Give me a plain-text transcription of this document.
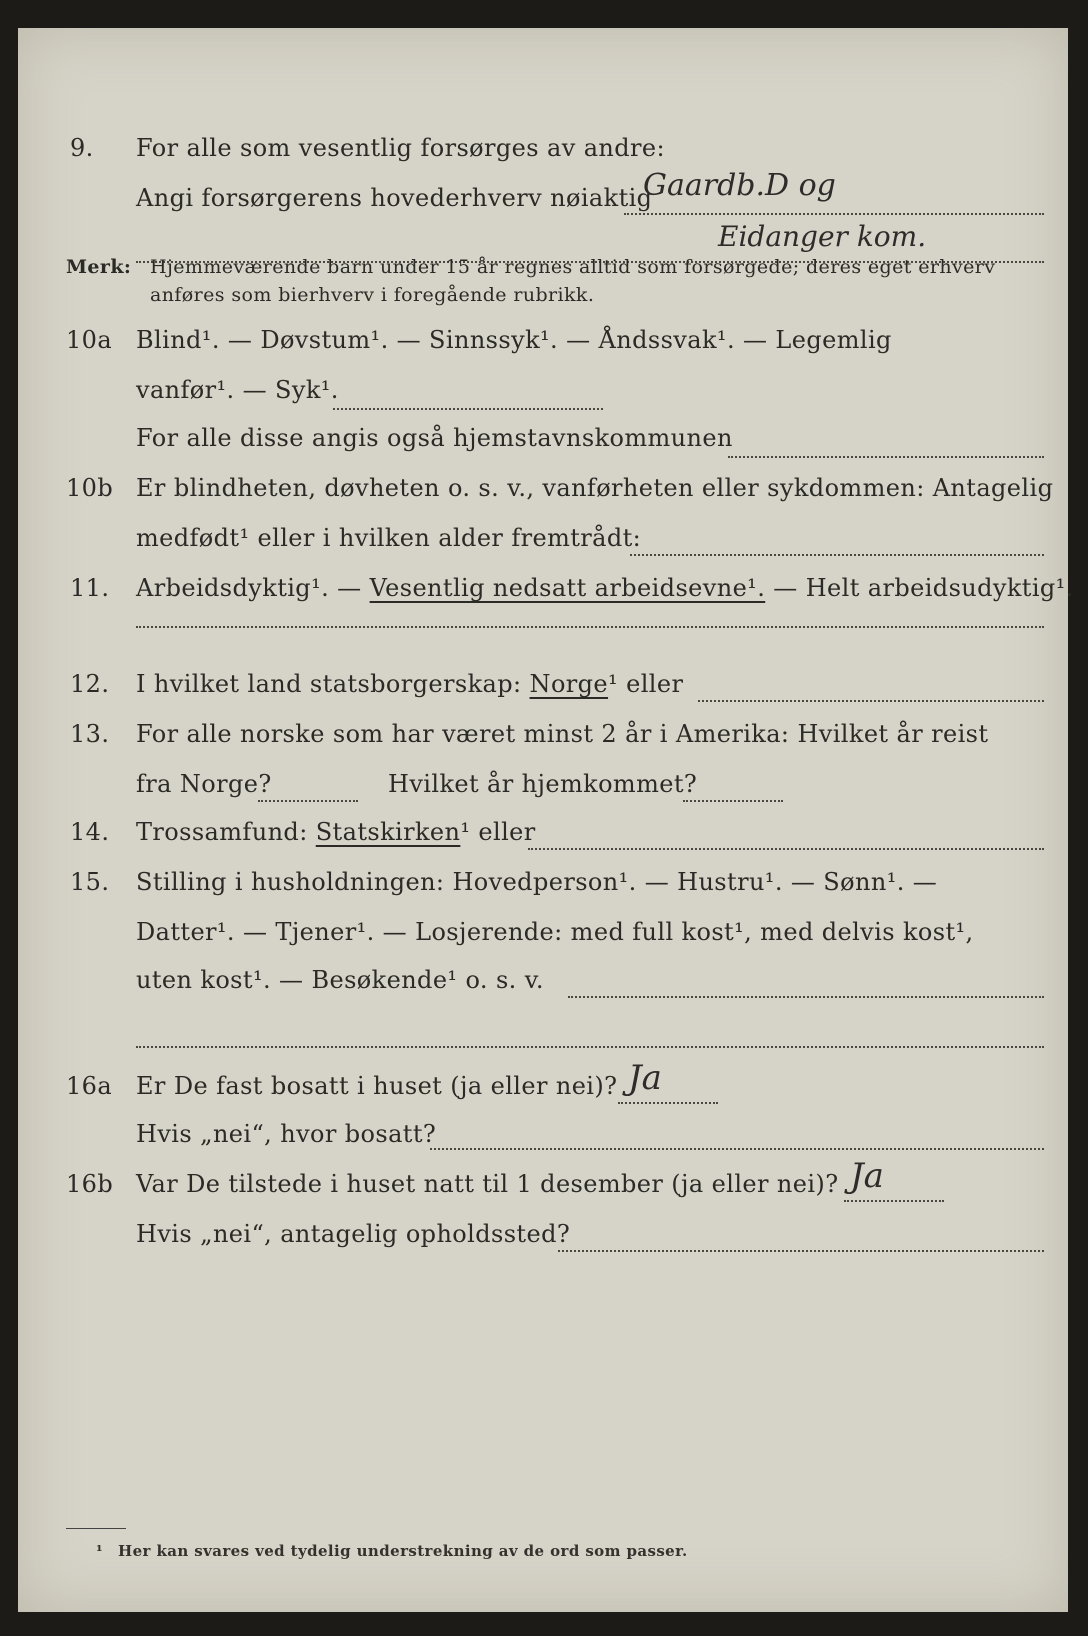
9. For alle som vesentlig forsørges av andre:
Angi forsørgerens hovederhverv nøiaktig
Gaardb.D og
Eidanger kom.
Merk: Hjemmeværende barn under 15 år regnes alltid som forsørgede; deres eget erhverv
anføres som bierhverv i foregående rubrikk.
10a Blind¹. — Døvstum¹. — Sinnssyk¹. — Åndssvak¹. — Legemlig
vanfør¹. — Syk¹.
For alle disse angis også hjemstavnskommunen
10b Er blindheten, døvheten o. s. v., vanførheten eller sykdommen: Antagelig
medfødt¹ eller i hvilken alder fremtrådt:
11. Arbeidsdyktig¹. — Vesentlig nedsatt arbeidsevne¹. — Helt arbeidsudyktig¹.
12. I hvilket land statsborgerskap: Norge¹ eller
13. For alle norske som har været minst 2 år i Amerika: Hvilket år reist
fra Norge?	Hvilket år hjemkommet?
14. Trossamfund: Statskirken¹ eller
15. Stilling i husholdningen: Hovedperson¹. — Hustru¹. — Sønn¹. —
Datter¹. — Tjener¹. — Losjerende: med full kost¹, med delvis kost¹,
uten kost¹. — Besøkende¹ o. s. v.
16a Er De fast bosatt i huset (ja eller nei)? Ja
Hvis „nei“, hvor bosatt?
16b Var De tilstede i huset natt til 1 desember (ja eller nei)? Ja
Hvis „nei“, antagelig opholdssted?
¹ Her kan svares ved tydelig understrekning av de ord som passer.
